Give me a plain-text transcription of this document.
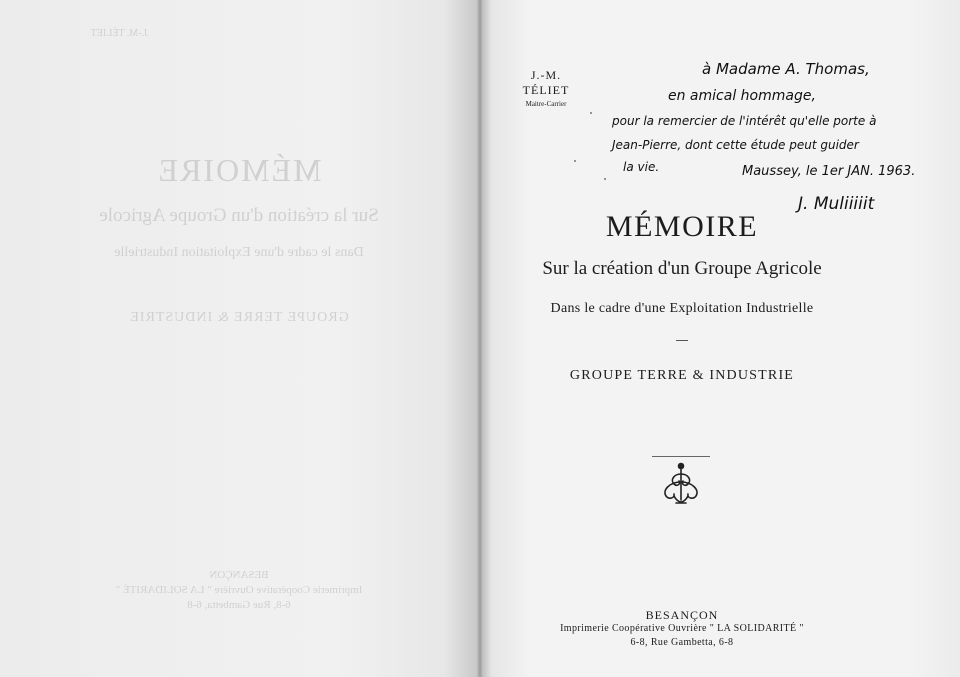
J.-M. TÉLIET
MÉMOIRE
Sur la création d'un Groupe Agricole
Dans le cadre d'une Exploitation Industrielle
GROUPE TERRE & INDUSTRIE
BESANÇON
Imprimerie Coopérative Ouvrière " LA SOLIDARITÉ "
6-8, Rue Gambetta, 6-8
J.-M. TÉLIET
Maitre-Carrier
à Madame A. Thomas,
en amical hommage,
pour la remercier de l'intérêt qu'elle porte à
Jean-Pierre, dont cette étude peut guider
la vie.	Maussey, le 1er JAN. 1963.
J. Muliiiiit
MÉMOIRE
Sur la création d'un Groupe Agricole
Dans le cadre d'une Exploitation Industrielle
GROUPE TERRE & INDUSTRIE
BESANÇON
Imprimerie Coopérative Ouvrière " LA SOLIDARITÉ "
6-8, Rue Gambetta, 6-8
